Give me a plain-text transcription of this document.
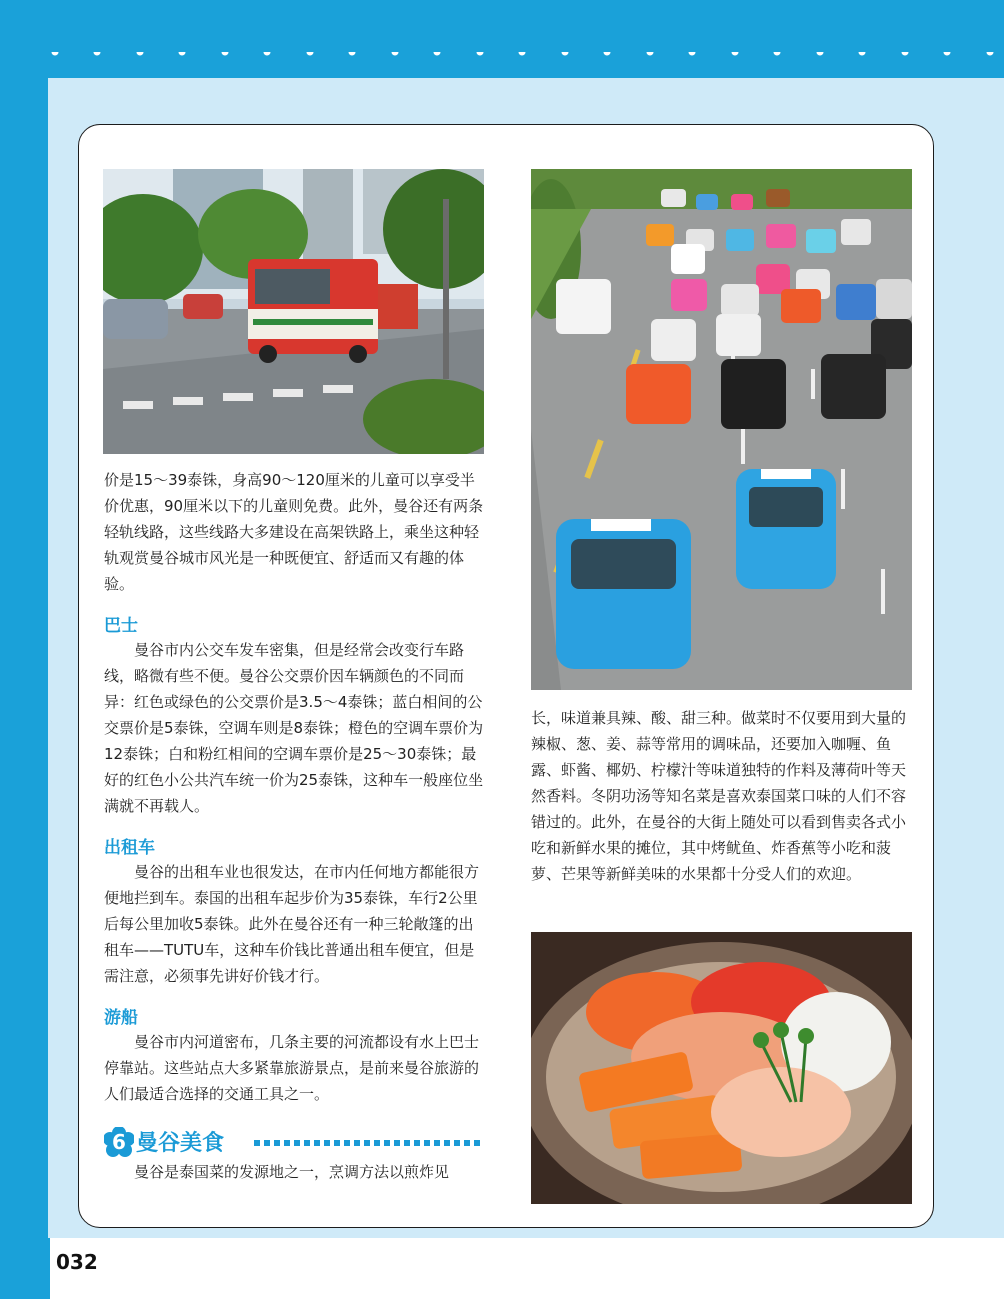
价是15～39泰铢，身高90～120厘米的儿童可以享受半价优惠，90厘米以下的儿童则免费。此外，曼谷还有两条轻轨线路，这些线路大多建设在高架铁路上，乘坐这种轻轨观赏曼谷城市风光是一种既便宜、舒适而又有趣的体验。

巴士

曼谷市内公交车发车密集，但是经常会改变行车路线，略微有些不便。曼谷公交票价因车辆颜色的不同而异：红色或绿色的公交票价是3.5～4泰铢；蓝白相间的公交票价是5泰铢，空调车则是8泰铢；橙色的空调车票价为12泰铢；白和粉红相间的空调车票价是25～30泰铢；最好的红色小公共汽车统一价为25泰铢，这种车一般座位坐满就不再载人。

出租车

曼谷的出租车业也很发达，在市内任何地方都能很方便地拦到车。泰国的出租车起步价为35泰铢，车行2公里后每公里加收5泰铢。此外在曼谷还有一种三轮敞篷的出租车——TUTU车，这种车价钱比普通出租车便宜，但是需注意，必须事先讲好价钱才行。

游船

曼谷市内河道密布，几条主要的河流都设有水上巴士停靠站。这些站点大多紧靠旅游景点，是前来曼谷旅游的人们最适合选择的交通工具之一。

6 曼谷美食

曼谷是泰国菜的发源地之一，烹调方法以煎炸见

长，味道兼具辣、酸、甜三种。做菜时不仅要用到大量的辣椒、葱、姜、蒜等常用的调味品，还要加入咖喱、鱼露、虾酱、椰奶、柠檬汁等味道独特的作料及薄荷叶等天然香料。冬阴功汤等知名菜是喜欢泰国菜口味的人们不容错过的。此外，在曼谷的大街上随处可以看到售卖各式小吃和新鲜水果的摊位，其中烤鱿鱼、炸香蕉等小吃和菠萝、芒果等新鲜美味的水果都十分受人们的欢迎。

032
